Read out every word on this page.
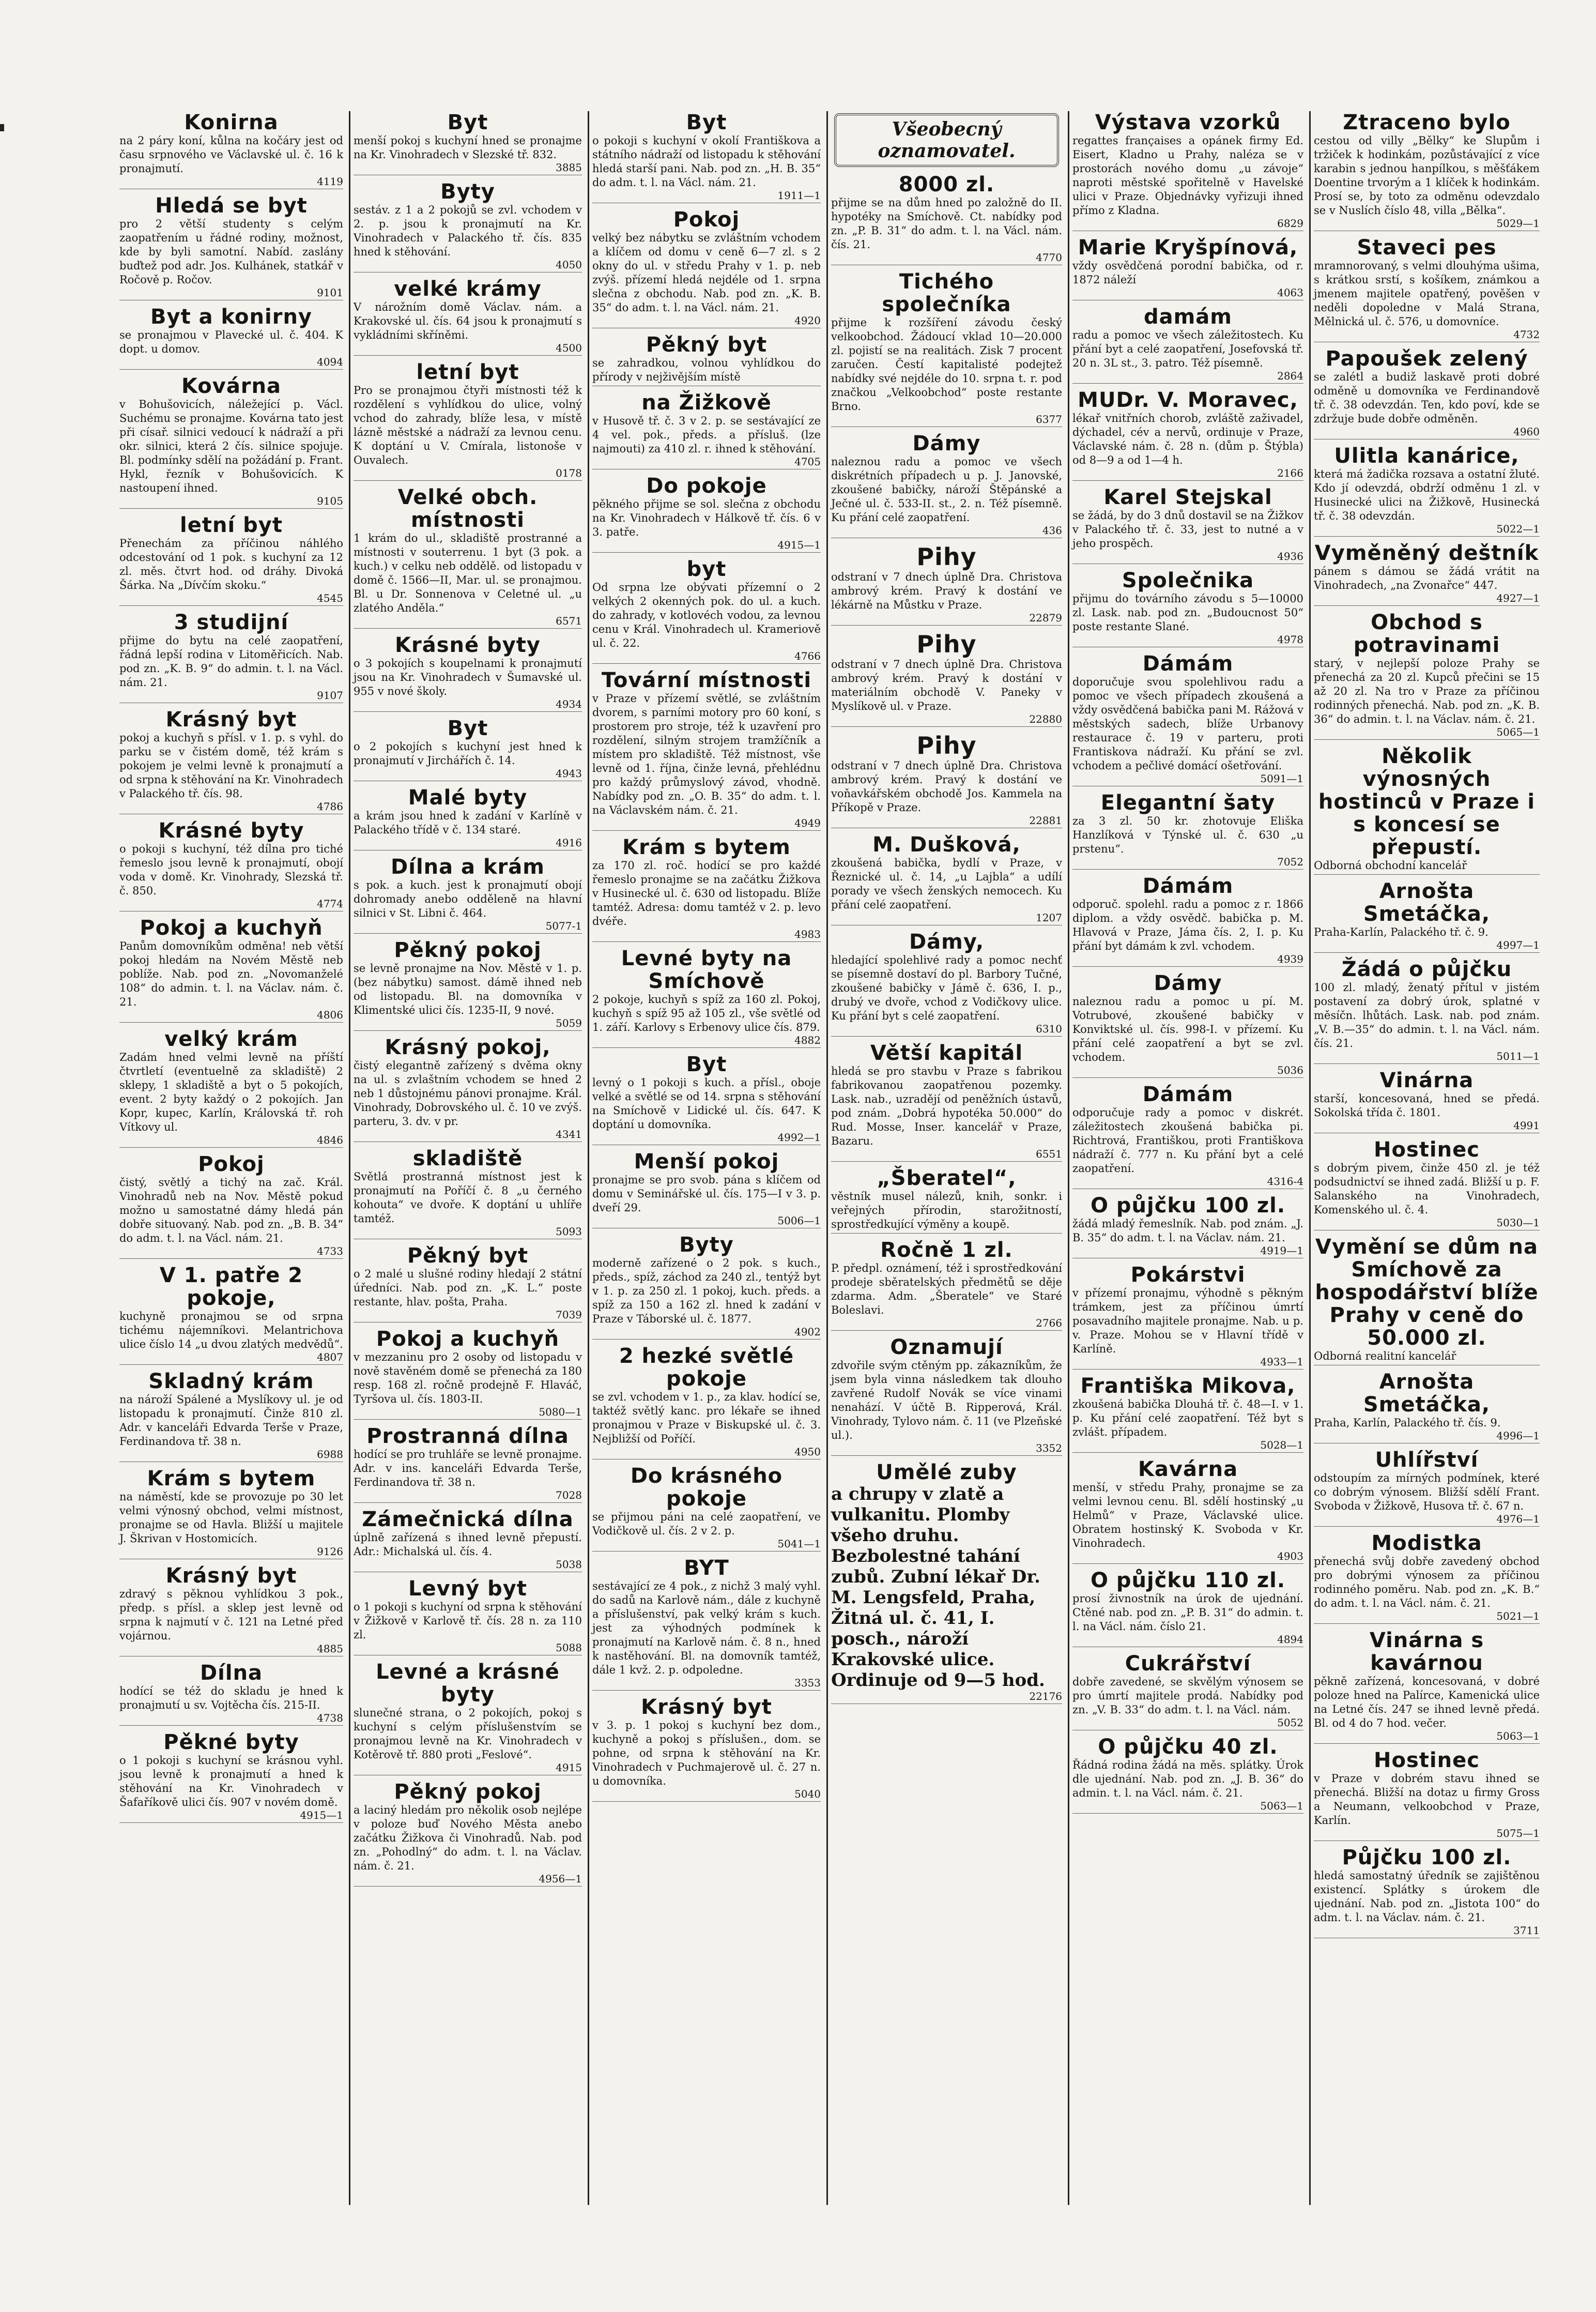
Konirna
na 2 páry koní, kůlna na kočáry jest od času srpnového ve Václavské ul. č. 16 k pronajmutí.
4119
Hledá se byt
pro 2 větší studenty s celým zaopatřením u řádné rodiny, možnost, kde by byli samotní. Nabíd. zaslány buďtež pod adr. Jos. Kulhánek, statkář v Ročově p. Ročov.
9101
Byt a konirny
se pronajmou v Plavecké ul. č. 404. K dopt. u domov.
4094
Kovárna
v Bohušovicích, náležející p. Václ. Suchému se pronajme. Kovárna tato jest při císař. silnici vedoucí k nádraží a při okr. silnici, která 2 čís. silnice spojuje. Bl. podmínky sdělí na požádání p. Frant. Hykl, řezník v Bohušovicích. K nastoupení ihned.
9105
letní byt
Přenechám za příčinou náhlého odcestování od 1 pok. s kuchyní za 12 zl. měs. čtvrt hod. od dráhy. Divoká Šárka. Na „Dívčím skoku.“
4545
3 studijní
přijme do bytu na celé zaopatření, řádná lepší rodina v Litoměřicích. Nab. pod zn. „K. B. 9“ do admin. t. l. na Václ. nám. 21.
9107
Krásný byt
pokoj a kuchyň s přísl. v 1. p. s vyhl. do parku se v čistém domě, též krám s pokojem je velmi levně k pronajmutí a od srpna k stěhování na Kr. Vinohradech v Palackého tř. čís. 98.
4786
Krásné byty
o pokoji s kuchyní, též dílna pro tiché řemeslo jsou levně k pronajmutí, obojí voda v domě. Kr. Vinohrady, Slezská tř. č. 850.
4774
Pokoj a kuchyň
Panům domovníkům odměna! neb větší pokoj hledám na Novém Městě neb poblíže. Nab. pod zn. „Novomanželé 108“ do admin. t. l. na Václav. nám. č. 21.
4806
velký krám
Zadám hned velmi levně na příští čtvrtletí (eventuelně za skladiště) 2 sklepy, 1 skladiště a byt o 5 pokojích, event. 2 byty každý o 2 pokojích. Jan Kopr, kupec, Karlín, Královská tř. roh Vítkovy ul.
4846
Pokoj
čistý, světlý a tichý na zač. Král. Vinohradů neb na Nov. Městě pokud možno u samostatné dámy hledá pán dobře situovaný. Nab. pod zn. „B. B. 34“ do adm. t. l. na Václ. nám. 21.
4733
V 1. patře 2 pokoje,
kuchyně pronajmou se od srpna tichému nájemníkovi. Melantrichova ulice číslo 14 „u dvou zlatých medvědů“.
4807
Skladný krám
na nároží Spálené a Myslíkovy ul. je od listopadu k pronajmutí. Činže 810 zl. Adr. v kanceláři Edvarda Terše v Praze, Ferdinandova tř. 38 n.
6988
Krám s bytem
na náměstí, kde se provozuje po 30 let velmi výnosný obchod, velmi místnost, pronajme se od Havla. Bližší u majitele J. Škrivan v Hostomicích.
9126
Krásný byt
zdravý s pěknou vyhlídkou 3 pok., předp. s přísl. a sklep jest levně od srpna k najmutí v č. 121 na Letné před vojárnou.
4885
Dílna
hodící se též do skladu je hned k pronajmutí u sv. Vojtěcha čís. 215-II.
4738
Pěkné byty
o 1 pokoji s kuchyní se krásnou vyhl. jsou levně k pronajmutí a hned k stěhování na Kr. Vinohradech v Šafaříkově ulici čís. 907 v novém domě.
4915—1
Byt
menší pokoj s kuchyní hned se pronajme na Kr. Vinohradech v Slezské tř. 832.
3885
Byty
sestáv. z 1 a 2 pokojů se zvl. vchodem v 2. p. jsou k pronajmutí na Kr. Vinohradech v Palackého tř. čís. 835 hned k stěhování.
4050
velké krámy
V nárožním domě Václav. nám. a Krakovské ul. čís. 64 jsou k pronajmutí s vykládními skříněmi.
4500
letní byt
Pro se pronajmou čtyři místnosti též k rozdělení s vyhlídkou do ulice, volný vchod do zahrady, blíže lesa, v místě lázně městské a nádraží za levnou cenu. K doptání u V. Cmírala, listonoše v Ouvalech.
0178
Velké obch. místnosti
1 krám do ul., skladiště prostranné a místnosti v souterrenu. 1 byt (3 pok. a kuch.) v celku neb oddělě. od listopadu v domě č. 1566—II, Mar. ul. se pronajmou. Bl. u Dr. Sonnenova v Celetné ul. „u zlatého Anděla.“
6571
Krásné byty
o 3 pokojích s koupelnami k pronajmutí jsou na Kr. Vinohradech v Šumavské ul. 955 v nové školy.
4934
Byt
o 2 pokojích s kuchyní jest hned k pronajmutí v Jirchářích č. 14.
4943
Malé byty
a krám jsou hned k zadání v Karlíně v Palackého třídě v č. 134 staré.
4916
Dílna a krám
s pok. a kuch. jest k pronajmutí obojí dohromady anebo odděleně na hlavní silnici v St. Libni č. 464.
5077-1
Pěkný pokoj
se levně pronajme na Nov. Městě v 1. p. (bez nábytku) samost. dámě ihned neb od listopadu. Bl. na domovníka v Klimentské ulici čís. 1235-II, 9 nové.
5059
Krásný pokoj,
čistý elegantně zařízený s dvěma okny na ul. s zvlaštním vchodem se hned 2 neb 1 důstojnému pánovi pronajme. Král. Vinohrady, Dobrovského ul. č. 10 ve zvýš. parteru, 3. dv. v pr.
4341
skladiště
Světlá prostranná místnost jest k pronajmutí na Poříčí č. 8 „u černého kohouta“ ve dvoře. K doptání u uhlíře tamtéž.
5093
Pěkný byt
o 2 malé u slušné rodiny hledají 2 státní úředníci. Nab. pod zn. „K. L.“ poste restante, hlav. pošta, Praha.
7039
Pokoj a kuchyň
v mezzaninu pro 2 osoby od listopadu v nově stavěném domě se přenechá za 180 resp. 168 zl. ročně prodejně F. Hlaváč, Tyršova ul. čís. 1803-II.
5080—1
Prostranná dílna
hodící se pro truhláře se levně pronajme. Adr. v ins. kanceláři Edvarda Terše, Ferdinandova tř. 38 n.
7028
Zámečnická dílna
úplně zařízená s ihned levně přepustí. Adr.: Michalská ul. čís. 4.
5038
Levný byt
o 1 pokoji s kuchyní od srpna k stěhování v Žižkově v Karlově tř. čís. 28 n. za 110 zl.
5088
Levné a krásné byty
slunečné strana, o 2 pokojích, pokoj s kuchyní s celým příslušenstvím se pronajmou levně na Kr. Vinohradech v Kotěrově tř. 880 proti „Feslové“.
4915
Pěkný pokoj
a laciný hledám pro několik osob nejlépe v poloze buď Nového Města anebo začátku Žižkova či Vinohradů. Nab. pod zn. „Pohodlný“ do adm. t. l. na Václav. nám. č. 21.
4956—1
Byt
o pokoji s kuchyní v okolí Františkova a státního nádraží od listopadu k stěhování hledá starší pani. Nab. pod zn. „H. B. 35“ do adm. t. l. na Václ. nám. 21.
1911—1
Pokoj
velký bez nábytku se zvláštním vchodem a klíčem od domu v ceně 6—7 zl. s 2 okny do ul. v středu Prahy v 1. p. neb zvýš. přízemí hledá nejdéle od 1. srpna slečna z obchodu. Nab. pod zn. „K. B. 35“ do adm. t. l. na Václ. nám. 21.
4920
Pěkný byt
se zahradkou, volnou vyhlídkou do přírody v nejživějším místě
na Žižkově
v Husově tř. č. 3 v 2. p. se sestávající ze 4 vel. pok., předs. a přísluš. (lze najmouti) za 410 zl. r. ihned k stěhování.
4705
Do pokoje
pěkného přijme se sol. slečna z obchodu na Kr. Vinohradech v Hálkově tř. čís. 6 v 3. patře.
4915—1
byt
Od srpna lze obývati přízemní o 2 velkých 2 okenných pok. do ul. a kuch. do zahrady, v kotlovéch vodou, za levnou cenu v Král. Vinohradech ul. Krameriově ul. č. 22.
4766
Tovární místnosti
v Praze v přízemí světlé, se zvláštním dvorem, s parními motory pro 60 koní, s prostorem pro stroje, též k uzavření pro rozdělení, silným strojem tramžíčník a místem pro skladiště. Též místnost, vše levně od 1. října, činže levná, přehlédnu pro každý průmyslový závod, vhodně. Nabídky pod zn. „O. B. 35“ do adm. t. l. na Václavském nám. č. 21.
4949
Krám s bytem
za 170 zl. roč. hodící se pro každé řemeslo pronajme se na začátku Žižkova v Husinecké ul. č. 630 od listopadu. Blíže tamtéž. Adresa: domu tamtéž v 2. p. levo dvéře.
4983
Levné byty na Smíchově
2 pokoje, kuchyň s spíž za 160 zl. Pokoj, kuchyň s spíž 95 až 105 zl., vše světlé od 1. září. Karlovy s Erbenovy ulice čís. 879.
4882
Byt
levný o 1 pokoji s kuch. a přísl., oboje velké a světlé se od 14. srpna s stěhování na Smíchově v Lidické ul. čís. 647. K doptání u domovníka.
4992—1
Menší pokoj
pronajme se pro svob. pána s klíčem od domu v Seminářské ul. čís. 175—I v 3. p. dveří 29.
5006—1
Byty
moderně zařízené o 2 pok. s kuch., předs., spíž, záchod za 240 zl., tentýž byt v 1. p. za 250 zl. 1 pokoj, kuch. předs. a spíž za 150 a 162 zl. hned k zadání v Praze v Táborské ul. č. 1877.
4902
2 hezké světlé pokoje
se zvl. vchodem v 1. p., za klav. hodící se, taktéž světlý kanc. pro lékaře se ihned pronajmou v Praze v Biskupské ul. č. 3. Nejbližší od Poříčí.
4950
Do krásného pokoje
se přijmou páni na celé zaopatření, ve Vodičkově ul. čís. 2 v 2. p.
5041—1
BYT
sestávající ze 4 pok., z nichž 3 malý vyhl. do sadů na Karlově nám., dále z kuchyně a příslušenství, pak velký krám s kuch. jest za výhodných podmínek k pronajmutí na Karlově nám. č. 8 n., hned k nastěhování. Bl. na domovník tamtéž, dále 1 kvž. 2. p. odpoledne.
3353
Krásný byt
v 3. p. 1 pokoj s kuchyní bez dom., kuchyně a pokoj s příslušen., dom. se pohne, od srpna k stěhování na Kr. Vinohradech v Puchmajerově ul. č. 27 n. u domovníka.
5040
Všeobecný
oznamovatel.
8000 zl.
přijme se na dům hned po založně do II. hypotéky na Smíchově. Ct. nabídky pod zn. „P. B. 31“ do adm. t. l. na Václ. nám. čís. 21.
4770
Tichého společníka
přijme k rozšíření závodu český velkoobchod. Žádoucí vklad 10—20.000 zl. pojistí se na realitách. Zisk 7 procent zaručen. Čestí kapitalisté podejtež nabídky své nejdéle do 10. srpna t. r. pod značkou „Velkoobchod“ poste restante Brno.
6377
Dámy
naleznou radu a pomoc ve všech diskrétních případech u p. J. Janovské, zkoušené babičky, nároží Štěpánské a Ječné ul. č. 533-II. st., 2. n. Též písemně. Ku přání celé zaopatření.
436
Pihy
odstraní v 7 dnech úplně Dra. Christova ambrový krém. Pravý k dostání ve lékárně na Můstku v Praze.
22879
Pihy
odstraní v 7 dnech úplně Dra. Christova ambrový krém. Pravý k dostání v materiálním obchodě V. Paneky v Myslíkově ul. v Praze.
22880
Pihy
odstraní v 7 dnech úplně Dra. Christova ambrový krém. Pravý k dostání ve voňavkářském obchodě Jos. Kammela na Příkopě v Praze.
22881
M. Dušková,
zkoušená babička, bydlí v Praze, v Řeznické ul. č. 14, „u Lajbla“ a udílí porady ve všech ženských nemocech. Ku přání celé zaopatření.
1207
Dámy,
hledající spolehlivé rady a pomoc nechť se písemně dostaví do pl. Barbory Tučné, zkoušené babičky v Jámě č. 636, I. p., drubý ve dvoře, vchod z Vodičkovy ulice. Ku přání byt s celé zaopatření.
6310
Větší kapitál
hledá se pro stavbu v Praze s fabrikou fabrikovanou zaopatřenou pozemky. Lask. nab., uzradějí od peněžních ústavů, pod znám. „Dobrá hypotéka 50.000“ do Rud. Mosse, Inser. kancelář v Praze, Bazaru.
6551
„Šberatel“,
věstník musel nálezů, knih, sonkr. i veřejných přírodin, starožitností, sprostředkující výměny a koupě.
Ročně 1 zl.
P. předpl. oznámení, též i sprostředkování prodeje sběratelských předmětů se děje zdarma. Adm. „Šberatele“ ve Staré Boleslavi.
2766
Oznamují
zdvořile svým ctěným pp. zákazníkům, že jsem byla vinna následkem tak dlouho zavřené Rudolf Novák se více vinami nenahází. V účtě B. Ripperová, Král. Vinohrady, Tylovo nám. č. 11 (ve Plzeňské ul.).
3352
Umělé zuby
a chrupy v zlatě a vulkanitu. Plomby všeho druhu. Bezbolestné tahání zubů. Zubní lékař Dr. M. Lengsfeld, Praha, Žitná ul. č. 41, I. posch., nároží Krakovské ulice. Ordinuje od 9—5 hod.
22176
Výstava vzorků
regattes françaises a opánek firmy Ed. Eisert, Kladno u Prahy, naléza se v prostorách nového domu „u závoje“ naproti městské spořitelně v Havelské ulici v Praze. Objednávky vyřizuji ihned přímo z Kladna.
6829
Marie Kryšpínová,
vždy osvědčená porodní babička, od r. 1872 náleží
4063
damám
radu a pomoc ve všech záležitostech. Ku přání byt a celé zaopatření, Josefovská tř. 20 n. 3L st., 3. patro. Též písemně.
2864
MUDr. V. Moravec,
lékař vnitřních chorob, zvláště zaživadel, dýchadel, cév a nervů, ordinuje v Praze, Václavské nám. č. 28 n. (dům p. Štýbla) od 8—9 a od 1—4 h.
2166
Karel Stejskal
se žádá, by do 3 dnů dostavil se na Žižkov v Palackého tř. č. 33, jest to nutné a v jeho prospěch.
4936
Společnika
přijmu do továrního závodu s 5—10000 zl. Lask. nab. pod zn. „Budoucnost 50“ poste restante Slané.
4978
Dámám
doporučuje svou spolehlivou radu a pomoc ve všech případech zkoušená a vždy osvědčená babička pani M. Rážová v městských sadech, blíže Urbanovy restaurace č. 19 v parteru, proti Frantiskova nádraží. Ku přání se zvl. vchodem a pečlivé domácí ošetřování.
5091—1
Elegantní šaty
za 3 zl. 50 kr. zhotovuje Eliška Hanzlíková v Týnské ul. č. 630 „u prstenu“.
7052
Dámám
odporuč. spolehl. radu a pomoc z r. 1866 diplom. a vždy osvědč. babička p. M. Hlavová v Praze, Jáma čís. 2, I. p. Ku přání byt dámám k zvl. vchodem.
4939
Dámy
naleznou radu a pomoc u pí. M. Votrubové, zkoušené babičky v Konviktské ul. čís. 998-I. v přízemí. Ku přání celé zaopatření a byt se zvl. vchodem.
5036
Dámám
odporučuje rady a pomoc v diskrét. záležitostech zkoušená babička pi. Richtrová, Františkou, proti Františkova nádraží č. 777 n. Ku přání byt a celé zaopatření.
4316-4
O půjčku 100 zl.
žádá mladý řemeslník. Nab. pod znám. „J. B. 35“ do adm. t. l. na Václav. nám. 21.
4919—1
Pokárstvi
v přízemí pronajmu, výhodně s pěkným trámkem, jest za příčinou úmrtí posavadního majitele pronajme. Nab. u p. v. Praze. Mohou se v Hlavní třídě v Karlíně.
4933—1
Františka Mikova,
zkoušená babička Dlouhá tř. č. 48—I. v 1. p. Ku přání celé zaopatření. Též byt s zvlášt. případem.
5028—1
Kavárna
menší, v středu Prahy, pronajme se za velmi levnou cenu. Bl. sdělí hostinský „u Helmů“ v Praze, Václavské ulice. Obratem hostinský K. Svoboda v Kr. Vinohradech.
4903
O půjčku 110 zl.
prosí živnostník na úrok de ujednání. Ctěné nab. pod zn. „P. B. 31“ do admin. t. l. na Václ. nám. číslo 21.
4894
Cukrářství
dobře zavedené, se skvělým výnosem se pro úmrtí majitele prodá. Nabídky pod zn. „V. B. 33“ do adm. t. l. na Václ. nám.
5052
O půjčku 40 zl.
Řádná rodina žádá na měs. splátky. Úrok dle ujednání. Nab. pod zn. „J. B. 36“ do admin. t. l. na Václ. nám. č. 21.
5063—1
Ztraceno bylo
cestou od villy „Bělky“ ke Slupům i tržiček k hodinkám, pozůstávající z více karabin s jednou hanpílkou, s měšťákem Doentine trvorým a 1 klíček k hodinkám. Prosí se, by toto za odměnu odevzdalo se v Nuslích číslo 48, villa „Bělka“.
5029—1
Staveci pes
mramnorovaný, s velmi dlouhýma ušima, s krátkou srstí, s košíkem, známkou a jmenem majitele opatřený, pověšen v neděli dopoledne v Malá Strana, Mělnická ul. č. 576, u domovníce.
4732
Papoušek zelený
se zalétl a budiž laskavě proti dobré odměně u domovníka ve Ferdinandově tř. č. 38 odevzdán. Ten, kdo poví, kde se zdržuje bude dobře odměněn.
4960
Ulitla kanárice,
která má žadička rozsava a ostatní žluté. Kdo jí odevzdá, obdrží odměnu 1 zl. v Husinecké ulici na Žižkově, Husinecká tř. č. 38 odevzdán.
5022—1
Vyměněný deštník
pánem s dámou se žádá vrátit na Vinohradech, „na Zvonařce“ 447.
4927—1
Obchod s potravinami
starý, v nejlepší poloze Prahy se přenechá za 20 zl. Kupců přečini se 15 až 20 zl. Na tro v Praze za příčinou rodinných přenechá. Nab. pod zn. „K. B. 36“ do admin. t. l. na Václav. nám. č. 21.
5065—1
Několik výnosných hostinců v Praze i s koncesí se přepustí.
Odborná obchodní kancelář
Arnošta Smetáčka,
Praha-Karlín, Palackého tř. č. 9.
4997—1
Žádá o půjčku
100 zl. mladý, ženatý přítul v jistém postavení za dobrý úrok, splatné v měsíčn. lhůtách. Lask. nab. pod znám. „V. B.—35“ do admin. t. l. na Václ. nám. čís. 21.
5011—1
Vinárna
starší, koncesovaná, hned se předá. Sokolská třída č. 1801.
4991
Hostinec
s dobrým pivem, činže 450 zl. je též podsudnictví se ihned zadá. Bližší u p. F. Salanského na Vinohradech, Komenského ul. č. 4.
5030—1
Vymění se dům na Smíchově za hospodářství blíže Prahy v ceně do 50.000 zl.
Odborná realitní kancelář
Arnošta Smetáčka,
Praha, Karlín, Palackého tř. čís. 9.
4996—1
Uhlířství
odstoupím za mírných podmínek, které co dobrým výnosem. Bližší sdělí Frant. Svoboda v Žižkově, Husova tř. č. 67 n.
4976—1
Modistka
přenechá svůj dobře zavedený obchod pro dobrými výnosem za příčinou rodinného poměru. Nab. pod zn. „K. B.“ do adm. t. l. na Václ. nám. č. 21.
5021—1
Vinárna s kavárnou
pěkně zařízená, koncesovaná, v dobré poloze hned na Palírce, Kamenická ulice na Letné čís. 247 se ihned levně předá. Bl. od 4 do 7 hod. večer.
5063—1
Hostinec
v Praze v dobrém stavu ihned se přenechá. Bližší na dotaz u firmy Gross a Neumann, velkoobchod v Praze, Karlín.
5075—1
Půjčku 100 zl.
hledá samostatný úředník se zajištěnou existencí. Splátky s úrokem dle ujednání. Nab. pod zn. „Jistota 100“ do adm. t. l. na Václav. nám. č. 21.
3711
